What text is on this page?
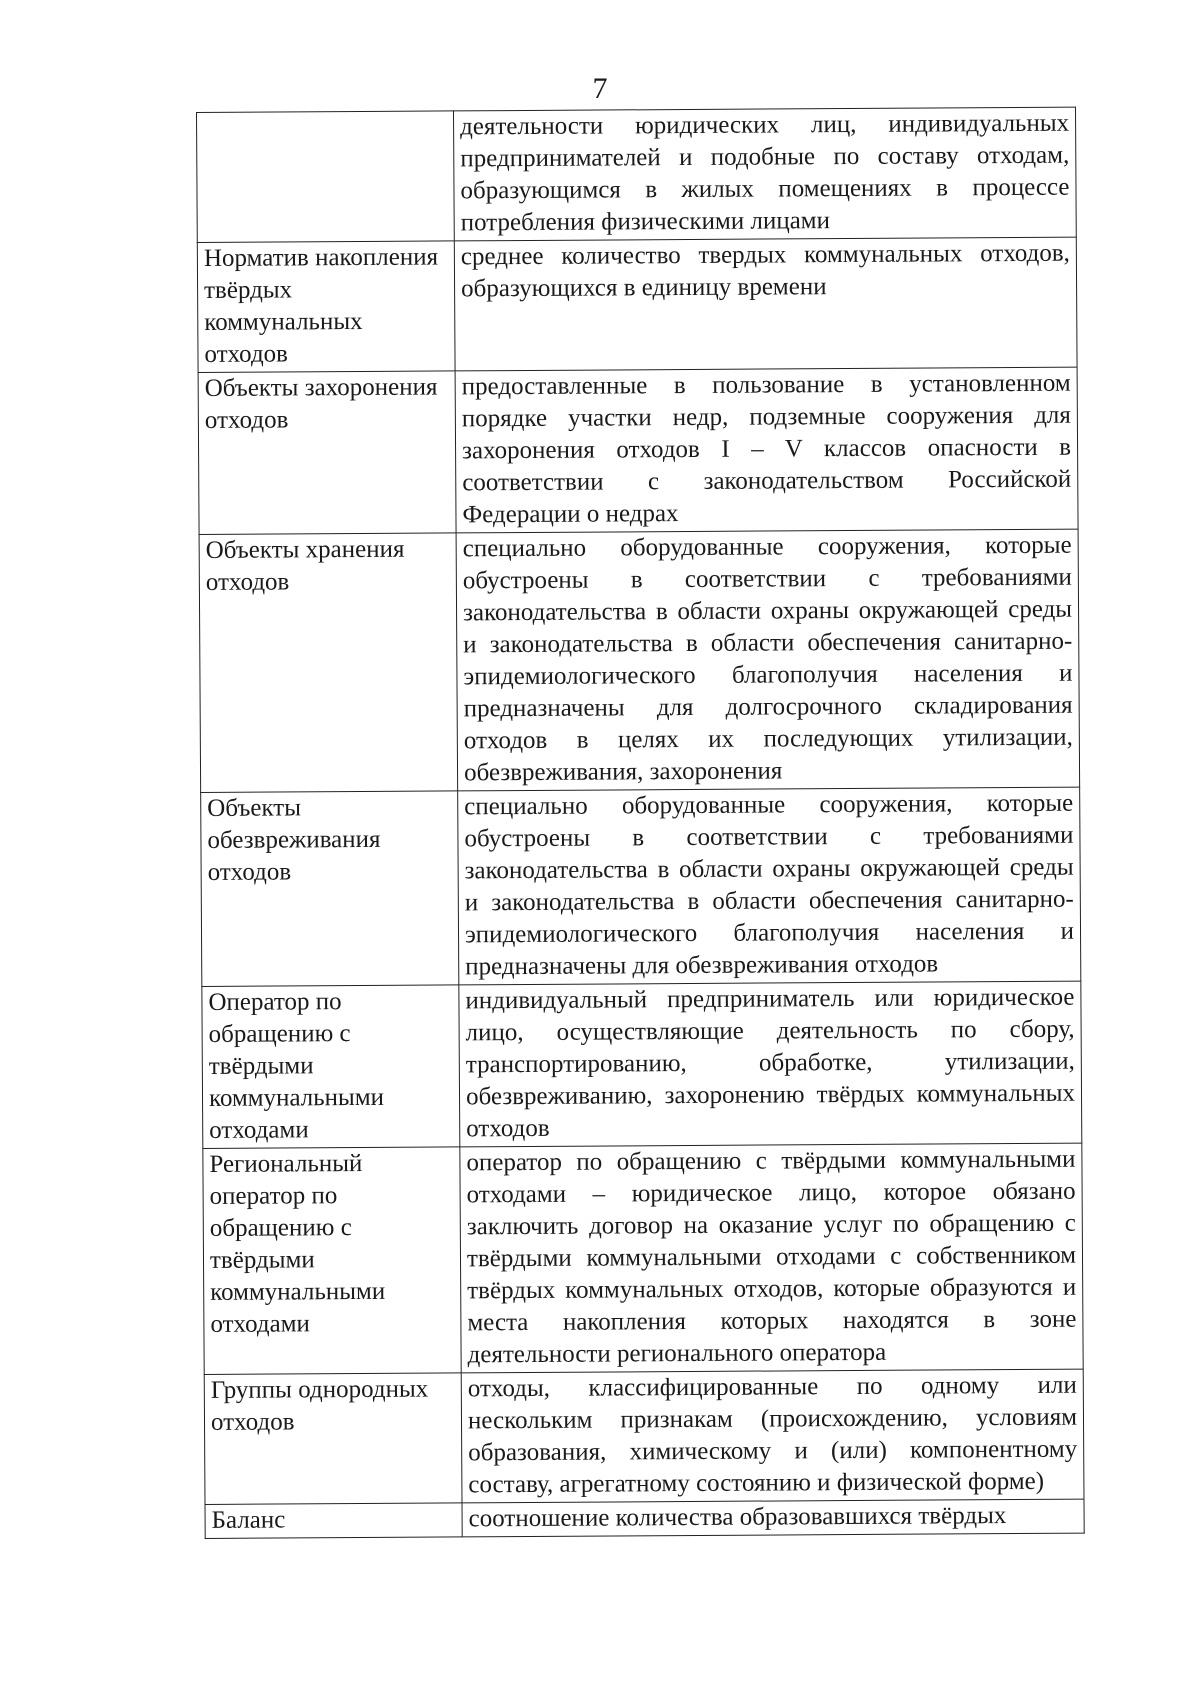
7
	деятельности юридических лиц, индивидуальных предпринимателей и подобные по составу отходам, образующимся в жилых помещениях в процессе потребления физическими лицами
Норматив накопления твёрдых коммунальных отходов	среднее количество твердых коммунальных отходов, образующихся в единицу времени
Объекты захоронения отходов	предоставленные в пользование в установленном порядке участки недр, подземные сооружения для захоронения отходов I – V классов опасности в соответствии с законодательством Российской Федерации о недрах
Объекты хранения отходов	специально оборудованные сооружения, которые обустроены в соответствии с требованиями законодательства в области охраны окружающей среды и законодательства в области обеспечения санитарно-эпидемиологического благополучия населения и предназначены для долгосрочного складирования отходов в целях их последующих утилизации, обезвреживания, захоронения
Объекты обезвреживания отходов	специально оборудованные сооружения, которые обустроены в соответствии с требованиями законодательства в области охраны окружающей среды и законодательства в области обеспечения санитарно-эпидемиологического благополучия населения и предназначены для обезвреживания отходов
Оператор по обращению с твёрдыми коммунальными отходами	индивидуальный предприниматель или юридическое лицо, осуществляющие деятельность по сбору, транспортированию, обработке, утилизации, обезвреживанию, захоронению твёрдых коммунальных отходов
Региональный оператор по обращению с твёрдыми коммунальными отходами	оператор по обращению с твёрдыми коммунальными отходами – юридическое лицо, которое обязано заключить договор на оказание услуг по обращению с твёрдыми коммунальными отходами с собственником твёрдых коммунальных отходов, которые образуются и места накопления которых находятся в зоне деятельности регионального оператора
Группы однородных отходов	отходы, классифицированные по одному или нескольким признакам (происхождению, условиям образования, химическому и (или) компонентному составу, агрегатному состоянию и физической форме)
Баланс	соотношение количества образовавшихся твёрдых
